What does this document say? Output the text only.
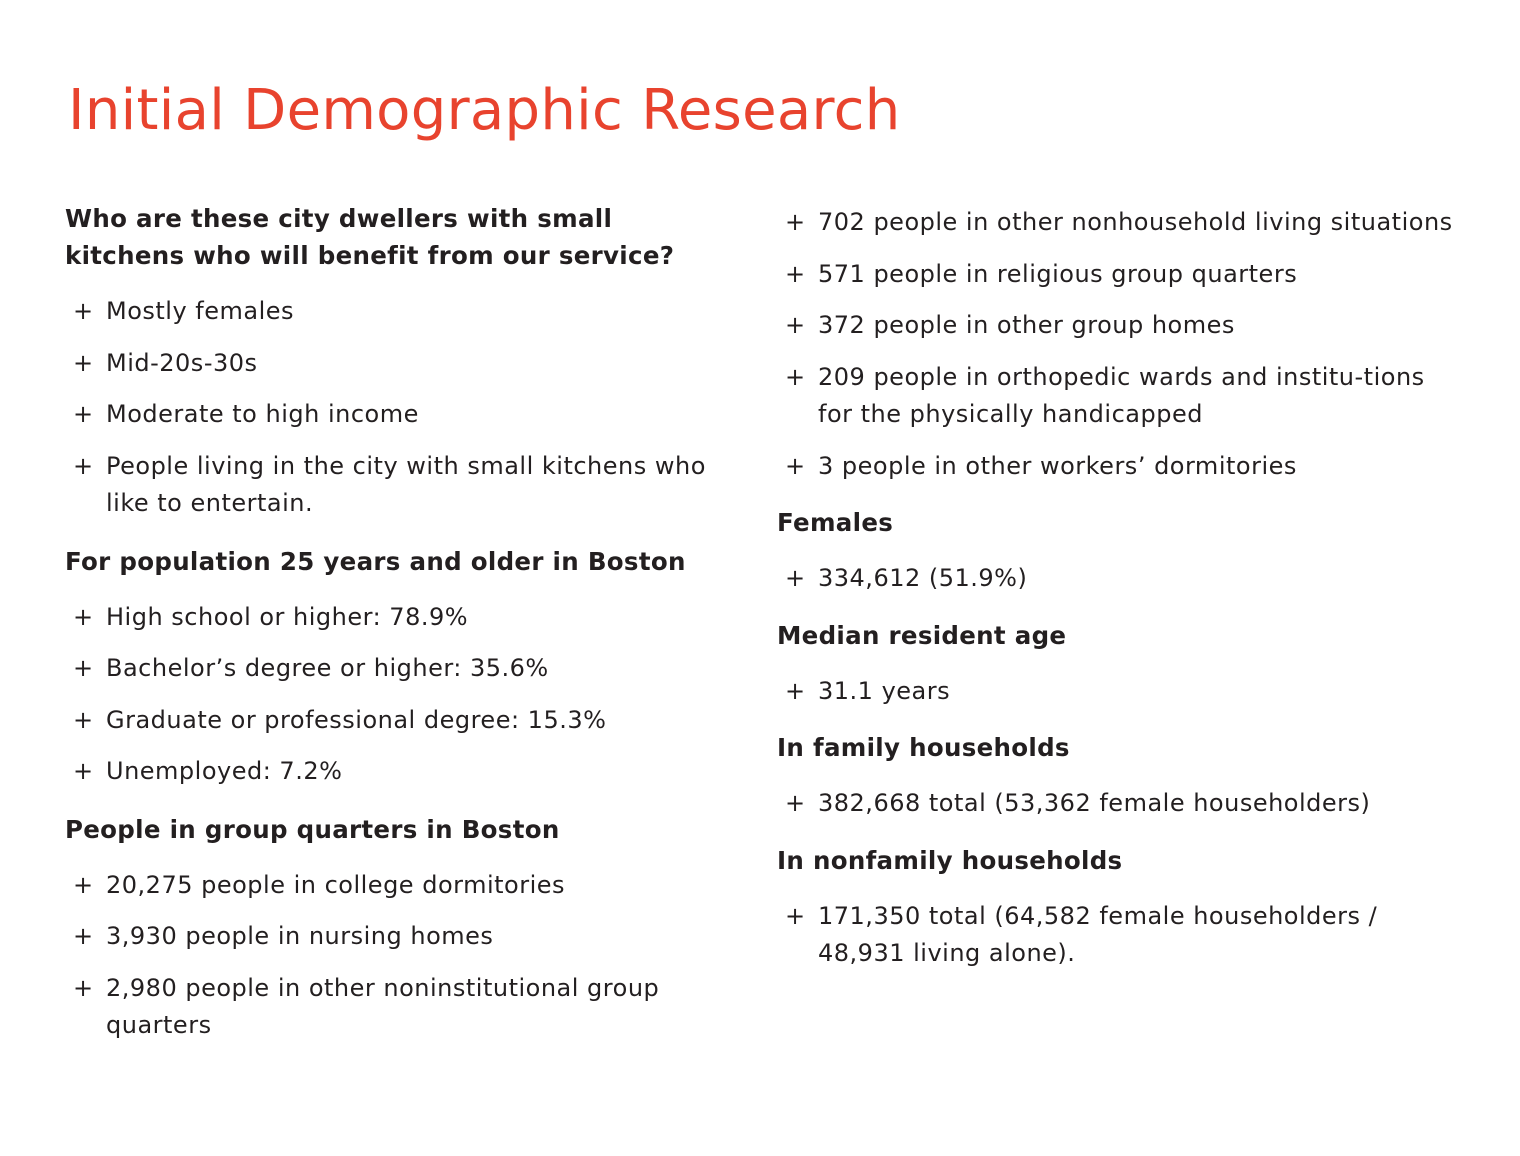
Initial Demographic Research
Who are these city dwellers with small kitchens who will benefit from our service?
+ Mostly females
+ Mid-20s-30s
+ Moderate to high income
+ People living in the city with small kitchens who like to entertain.
For population 25 years and older in Boston
+ High school or higher: 78.9%
+ Bachelor’s degree or higher: 35.6%
+ Graduate or professional degree: 15.3%
+ Unemployed: 7.2%
People in group quarters in Boston
+ 20,275 people in college dormitories
+ 3,930 people in nursing homes
+ 2,980 people in other noninstitutional group quarters
+ 702 people in other nonhousehold living situations
+ 571 people in religious group quarters
+ 372 people in other group homes
+ 209 people in orthopedic wards and institu-tions for the physically handicapped
+ 3 people in other workers’ dormitories
Females
+ 334,612 (51.9%)
Median resident age
+ 31.1 years
In family households
+ 382,668 total (53,362 female householders)
In nonfamily households
+ 171,350 total (64,582 female householders / 48,931 living alone).
